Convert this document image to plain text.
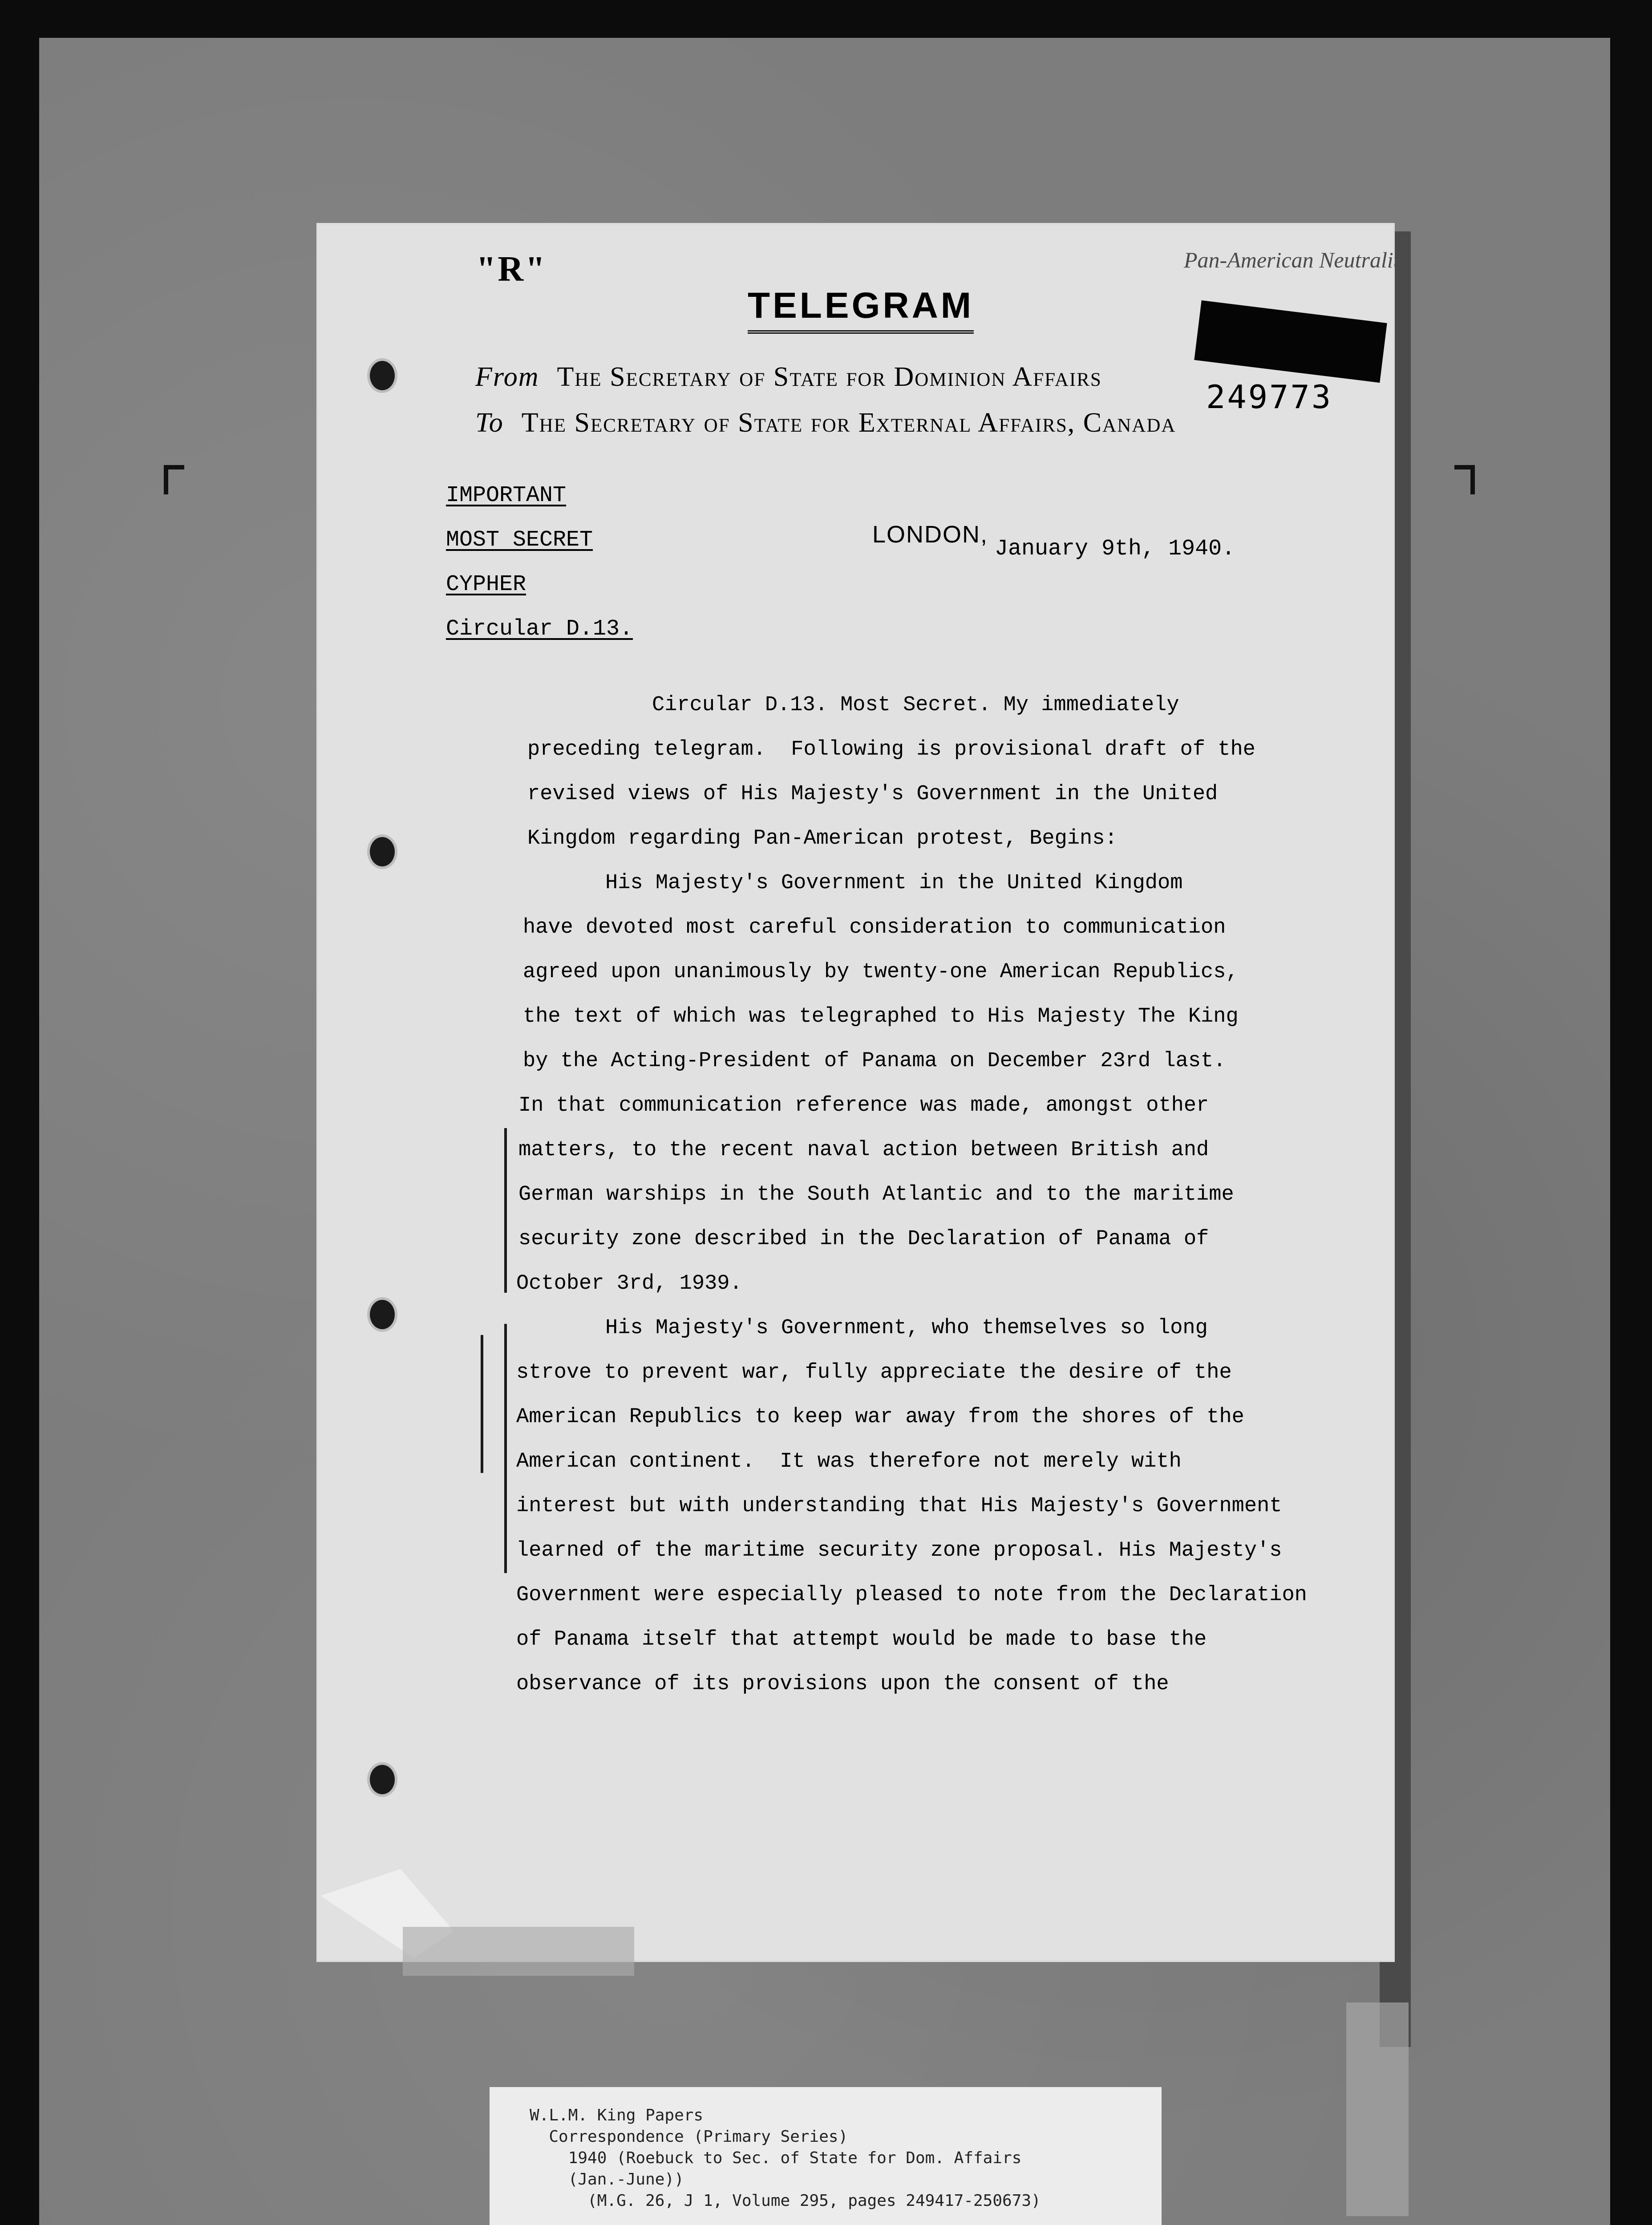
"R"
TELEGRAM
Pan-American Neutrality
249773
From The Secretary of State for Dominion Affairs
To The Secretary of State for External Affairs, Canada
IMPORTANT
MOST SECRET
CYPHER
Circular D.13.
LONDON,
January 9th, 1940.
Circular D.13. Most Secret. My immediately
preceding telegram.  Following is provisional draft of the
revised views of His Majesty's Government in the United
Kingdom regarding Pan-American protest, Begins:
His Majesty's Government in the United Kingdom
have devoted most careful consideration to communication
agreed upon unanimously by twenty-one American Republics,
the text of which was telegraphed to His Majesty The King
by the Acting-President of Panama on December 23rd last.
In that communication reference was made, amongst other
matters, to the recent naval action between British and
German warships in the South Atlantic and to the maritime
security zone described in the Declaration of Panama of
October 3rd, 1939.
His Majesty's Government, who themselves so long
strove to prevent war, fully appreciate the desire of the
American Republics to keep war away from the shores of the
American continent.  It was therefore not merely with
interest but with understanding that His Majesty's Government
learned of the maritime security zone proposal. His Majesty's
Government were especially pleased to note from the Declaration
of Panama itself that attempt would be made to base the
observance of its provisions upon the consent of the
W.L.M. King Papers
Correspondence (Primary Series)
1940 (Roebuck to Sec. of State for Dom. Affairs
(Jan.-June))
(M.G. 26, J 1, Volume 295, pages 249417-250673)
